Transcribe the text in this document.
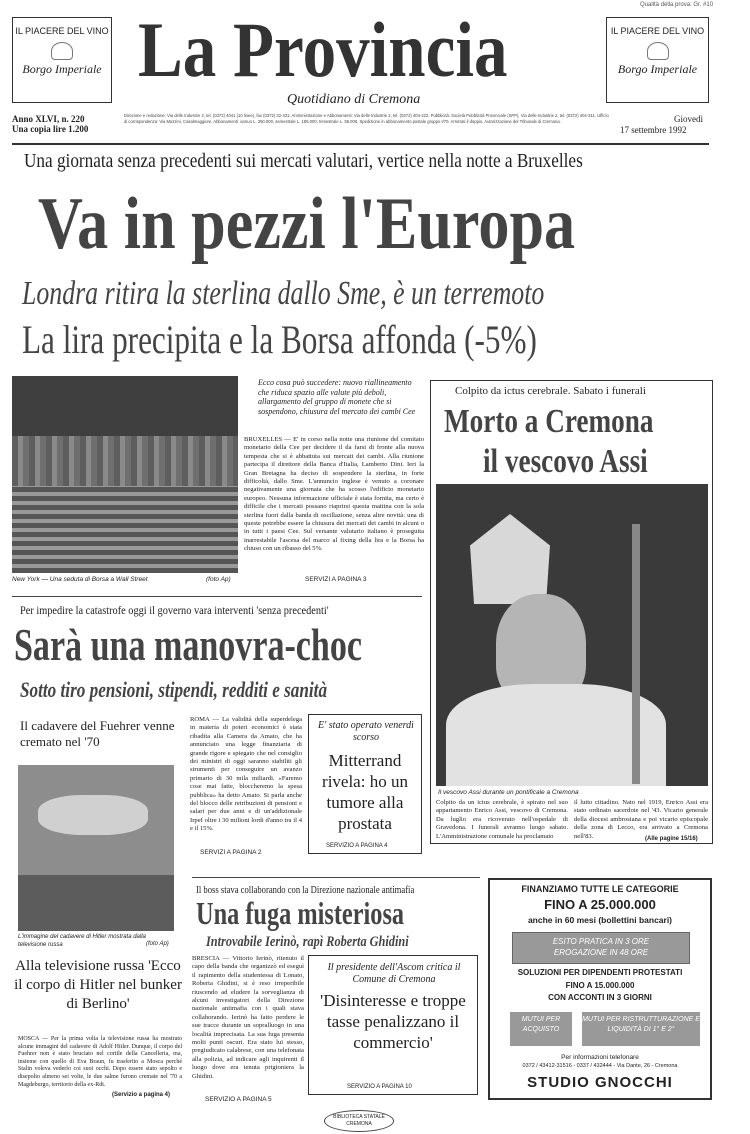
Qualità della prova: Gr. #10
IL PIACERE DEL VINO
Borgo Imperiale La Provincia
Quotidiano di Cremona
IL PIACERE DEL VINO
Borgo Imperiale
Anno XLVI, n. 220
Una copia lire 1.200
Direzione e redazione: Via delle Industrie 2, tel. (0372) 4041 (10 linee), fax (0372) 32-431. Amministrazione e Abbonamenti: Via delle Industrie 2, tel. (0372) 404-222. Pubblicità: Società Pubblicità Provinciale (SPP), Via delle Industrie 2, tel. (0372) 404-311. Ufficio di corrispondenza: Via Mazzini, Casalmaggiore. Abbonamenti: annuo L. 350.000, semestrale L. 185.000, trimestrale L. 95.000. Spedizione in abbonamento postale gruppo I/70. Arretrati il doppio. Autorizzazione del Tribunale di Cremona.	Giovedì
17 settembre 1992
Una giornata senza precedenti sui mercati valutari, vertice nella notte a Bruxelles
Va in pezzi l'Europa
Londra ritira la sterlina dallo Sme, è un terremoto
La lira precipita e la Borsa affonda (-5%)
New York — Una seduta di Borsa a Wall Street	(foto Ap)
Ecco cosa può succedere: nuovo riallineamento che riduca spazio alle valute più deboli, allargamento del gruppo di monete che si sospendono, chiusura del mercato dei cambi Cee
BRUXELLES — E' in corso nella notte una riunione del comitato monetario della Cee per decidere il da farsi di fronte alla nuova tempesta che si è abbattuta sui mercati dei cambi. Alla riunione partecipa il direttore della Banca d'Italia, Lamberto Dini. Ieri la Gran Bretagna ha deciso di sospendere la sterlina, in forte difficoltà, dallo Sme. L'annuncio inglese è venuto a coronare negativamente una giornata che ha scosso l'edificio monetario europeo. Nessuna informazione ufficiale è stata fornita, ma certo è difficile che i mercati possano riaprirsi questa mattina con la sola sterlina fuori dalla banda di oscillazione, senza altre novità: una di queste potrebbe essere la chiusura dei mercati dei cambi in alcuni o in tutti i paesi Cee. Sul versante valutario italiano è proseguita inarrestabile l'ascesa del marco al fixing della lira e la Borsa ha chiuso con un ribasso del 5%.
SERVIZI A PAGINA 3
Colpito da ictus cerebrale. Sabato i funerali
Morto a Cremona
il vescovo Assi
Il vescovo Assi durante un pontificale a Cremona
Colpito da un ictus cerebrale, è spirato nel suo appartamento Enrico Assi, vescovo di Cremona. Da luglio era ricoverato nell'ospedale di Gravedona. I funerali avranno luogo sabato. L'Amministrazione comunale ha proclamato
il lutto cittadino. Nato nel 1919, Enrico Assi era stato ordinato sacerdote nel '43. Vicario generale della diocesi ambrosiana e poi vicario episcopale della zona di Lecco, era arrivato a Cremona nell'83.	(Alle pagine 15/16)
Per impedire la catastrofe oggi il governo vara interventi 'senza precedenti'
Sarà una manovra-choc
Sotto tiro pensioni, stipendi, redditi e sanità
Il cadavere del Fuehrer venne cremato nel '70
L'immagine del cadavere di Hitler mostrata dalla televisione russa	(foto Ap)
Alla televisione russa 'Ecco il corpo di Hitler nel bunker di Berlino'
MOSCA — Per la prima volta la televisione russa ha mostrato alcune immagini del cadavere di Adolf Hitler. Dunque, il corpo del Fuehrer non è stato bruciato nel cortile della Cancelleria, ma, insieme con quello di Eva Braun, fu trasferito a Mosca perché Stalin voleva vederlo coi suoi occhi. Dopo essere stato sepolto e disepolto almeno sei volte, le due salme furono cremate nel '70 a Magdeburgo, territorio della ex-Rdt.
(Servizio a pagina 4)
ROMA — La validità della superdelega in materia di poteri economici è stata ribadita alla Camera da Amato, che ha annunciato una legge finanziaria di grande rigore e spiegato che nel consiglio dei ministri di oggi saranno stabiliti gli strumenti per conseguire un avanzo primario di 30 mila miliardi. «Faremo cose mai fatte, bloccheremo la spesa pubblica» ha detto Amato. Si parla anche del blocco delle retribuzioni di pensioni e salari per due anni e di un'addizionale Irpef oltre i 30 milioni lordi d'anno tra il 4 e il 15%.
SERVIZI A PAGINA 2
E' stato operato venerdì scorso
Mitterrand rivela: ho un tumore alla prostata
SERVIZIO A PAGINA 4
Il boss stava collaborando con la Direzione nazionale antimafia
Una fuga misteriosa
Introvabile Ierinò, rapì Roberta Ghidini
BRESCIA — Vittorio Ierinò, ritenuto il capo della banda che organizzò ed eseguì il rapimento della studentessa di Lonato, Roberta Ghidini, si è reso irreperibile riuscendo ad eludere la sorveglianza di alcuni investigatori della Direzione nazionale antimafia con i quali stava collaborando. Ierinò ha fatto perdere le sue tracce durante un sopralluogo in una località imprecisata. La sua fuga presenta molti punti oscuri. Era stato lui stesso, pregiudicato calabrese, con una telefonata alla polizia, ad indicare agli inquirenti il luogo dove era tenuta prigioniera la Ghidini.
SERVIZIO A PAGINA 5
Il presidente dell'Ascom critica il Comune di Cremona
'Disinteresse e troppe tasse penalizzano il commercio'
SERVIZIO A PAGINA 10
FINANZIAMO TUTTE LE CATEGORIE
FINO A 25.000.000
anche in 60 mesi (bollettini bancari)
ESITO PRATICA IN 3 ORE
EROGAZIONE IN 48 ORE
SOLUZIONI PER DIPENDENTI PROTESTATI
FINO A 15.000.000
CON ACCONTI IN 3 GIORNI
MUTUI PER ACQUISTO
MUTUI PER RISTRUTTURAZIONE E LIQUIDITÀ DI 1° E 2°
Per informazioni telefonare
0372 / 43412-31516 - 0337 / 432444 - Via Dante, 26 - Cremona
STUDIO GNOCCHI
BIBLIOTECA STATALE CREMONA
